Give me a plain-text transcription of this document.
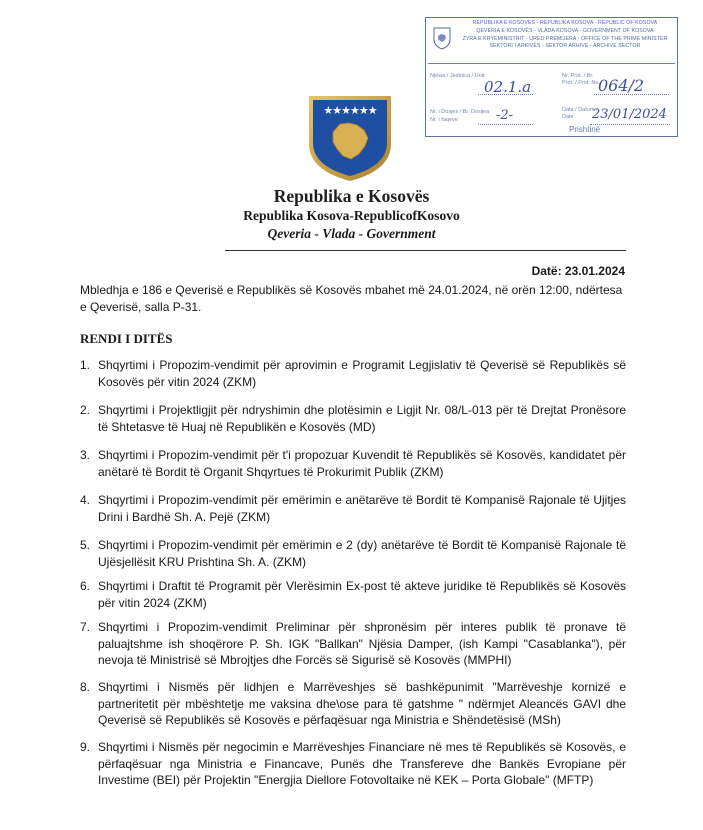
REPUBLIKA E KOSOVËS - REPUBLIKA KOSOVA - REPUBLIC OF KOSOVA
QEVERIA E KOSOVËS - VLADA KOSOVA - GOVERNMENT OF KOSOVA
ZYRA E KRYEMINISTRIT - URED PREMIJERA - OFFICE OF THE PRIME MINISTER
SEKTORI I ARKIVËS - SEKTOR ARHIVE - ARCHIVE SECTOR
Njësia / Jedinica / Unit
02.1.a
Nr. i Dosjes / Br. Dosijea
Nr. i faqeve	-2-
Nr. Prot. / Br. Prot. / Prot. No.
064/2
Data / Datum / Date	23/01/2024
Prishtinë
★★★★★★
Republika e Kosovës
Republika Kosova-RepublicofKosovo
Qeveria - Vlada - Government
Datë: 23.01.2024
Mbledhja e 186 e Qeverisë e Republikës së Kosovës mbahet më 24.01.2024, në orën 12:00, ndërtesa e Qeverisë, salla P-31.
RENDI I DITËS
1. Shqyrtimi i Propozim-vendimit për aprovimin e Programit Legjislativ të Qeverisë së Republikës së Kosovës për vitin 2024 (ZKM)
2. Shqyrtimi i Projektligjit për ndryshimin dhe plotësimin e Ligjit Nr. 08/L-013 për të Drejtat Pronësore të Shtetasve të Huaj në Republikën e Kosovës (MD)
3. Shqyrtimi i Propozim-vendimit për t'i propozuar Kuvendit të Republikës së Kosovës, kandidatet për anëtarë të Bordit të Organit Shqyrtues të Prokurimit Publik (ZKM)
4. Shqyrtimi i Propozim-vendimit për emërimin e anëtarëve të Bordit të Kompanisë Rajonale të Ujitjes Drini i Bardhë Sh. A. Pejë (ZKM)
5. Shqyrtimi i Propozim-vendimit për emërimin e 2 (dy) anëtarëve të Bordit të Kompanisë Rajonale të Ujësjellësit KRU Prishtina Sh. A. (ZKM)
6. Shqyrtimi i Draftit të Programit për Vlerësimin Ex-post të akteve juridike të Republikës së Kosovës për vitin 2024 (ZKM)
7. Shqyrtimi i Propozim-vendimit Preliminar për shpronësim për interes publik të pronave të paluajtshme ish shoqërore P. Sh. IGK "Ballkan" Njësia Damper, (ish Kampi "Casablanka"), për nevoja të Ministrisë së Mbrojtjes dhe Forcës së Sigurisë së Kosovës (MMPHI)
8. Shqyrtimi i Nismës për lidhjen e Marrëveshjes së bashkëpunimit "Marrëveshje kornizë e partneritetit për mbështetje me vaksina dhe\ose para të gatshme " ndërmjet Aleancës GAVI dhe Qeverisë së Republikës së Kosovës e përfaqësuar nga Ministria e Shëndetësisë (MSh)
9. Shqyrtimi i Nismës për negocimin e Marrëveshjes Financiare në mes të Republikës së Kosovës, e përfaqësuar nga Ministria e Financave, Punës dhe Transfereve dhe Bankës Evropiane për Investime (BEI) për Projektin "Energjia Diellore Fotovoltaike në KEK – Porta Globale" (MFTP)
